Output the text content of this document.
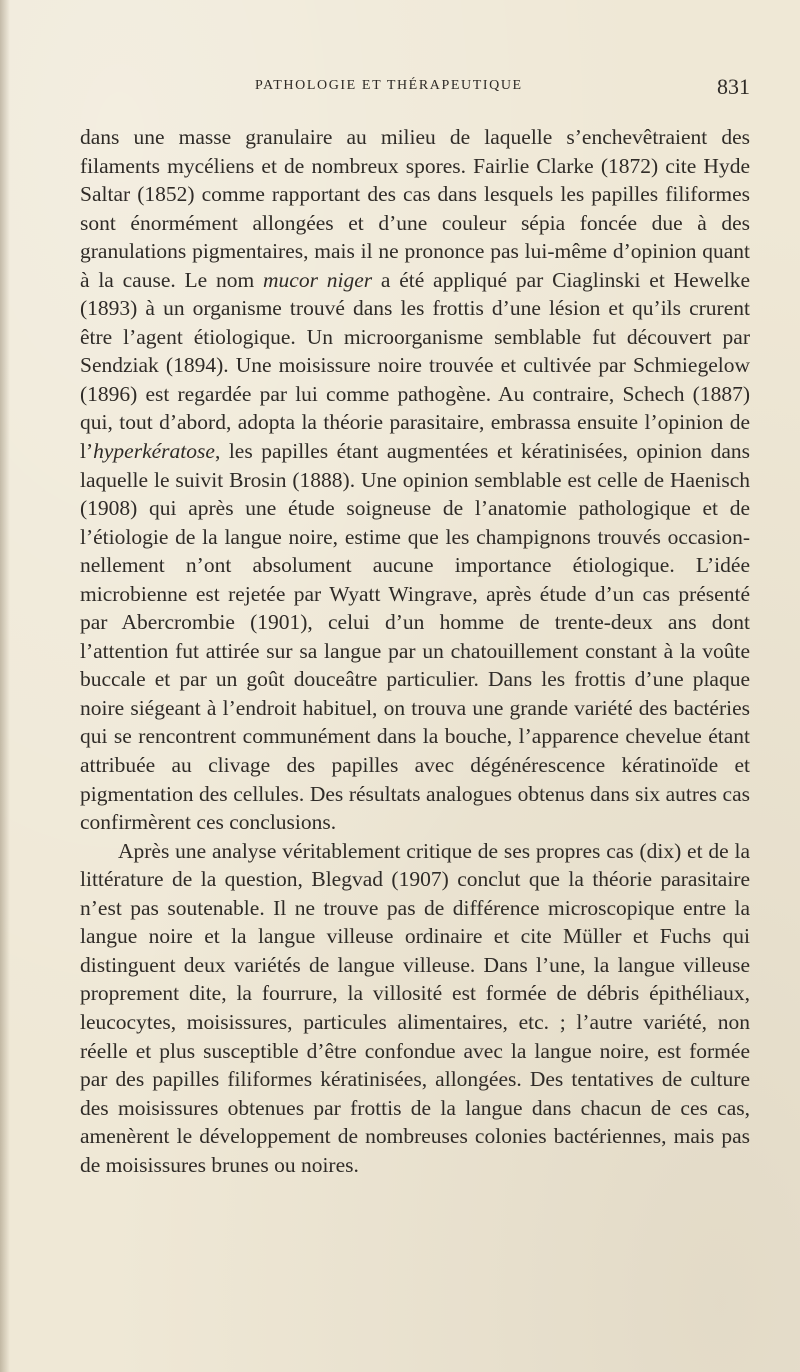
PATHOLOGIE ET THÉRAPEUTIQUE	831

dans une masse granulaire au milieu de laquelle s’enchevêtraient des filaments mycéliens et de nombreux spores. Fairlie Clarke (1872) cite Hyde Saltar (1852) comme rapportant des cas dans lesquels les papilles filiformes sont énormément allongées et d’une couleur sépia foncée due à des granulations pigmentaires, mais il ne prononce pas lui-même d’opinion quant à la cause. Le nom mucor niger a été appliqué par Ciaglinski et Hewelke (1893) à un organisme trouvé dans les frottis d’une lésion et qu’ils crurent être l’agent étiologique. Un microorganisme semblable fut découvert par Sendziak (1894). Une moisissure noire trouvée et cultivée par Schmiegelow (1896) est regardée par lui comme pathogène. Au contraire, Schech (1887) qui, tout d’abord, adopta la théorie parasitaire, embrassa ensuite l’opinion de l’hyperkératose, les papilles étant augmentées et kératinisées, opinion dans laquelle le suivit Brosin (1888). Une opinion semblable est celle de Haenisch (1908) qui après une étude soigneuse de l’anatomie pathologique et de l’étiologie de la langue noire, estime que les champignons trouvés occasionnellement n’ont absolument aucune importance étiologique. L’idée microbienne est rejetée par Wyatt Wingrave, après étude d’un cas présenté par Abercrombie (1901), celui d’un homme de trente-deux ans dont l’attention fut attirée sur sa langue par un chatouillement constant à la voûte buccale et par un goût douceâtre particulier. Dans les frottis d’une plaque noire siégeant à l’endroit habituel, on trouva une grande variété des bactéries qui se rencontrent communément dans la bouche, l’apparence chevelue étant attribuée au clivage des papilles avec dégénérescence kératinoïde et pigmentation des cellules. Des résultats analogues obtenus dans six autres cas confirmèrent ces conclusions.

Après une analyse véritablement critique de ses propres cas (dix) et de la littérature de la question, Blegvad (1907) conclut que la théorie parasitaire n’est pas soutenable. Il ne trouve pas de différence microscopique entre la langue noire et la langue villeuse ordinaire et cite Müller et Fuchs qui distinguent deux variétés de langue villeuse. Dans l’une, la langue villeuse proprement dite, la fourrure, la villosité est formée de débris épithéliaux, leucocytes, moisissures, particules alimentaires, etc. ; l’autre variété, non réelle et plus susceptible d’être confondue avec la langue noire, est formée par des papilles filiformes kératinisées, allongées. Des tentatives de culture des moisissures obtenues par frottis de la langue dans chacun de ces cas, amenèrent le développement de nombreuses colonies bactériennes, mais pas de moisissures brunes ou noires.
